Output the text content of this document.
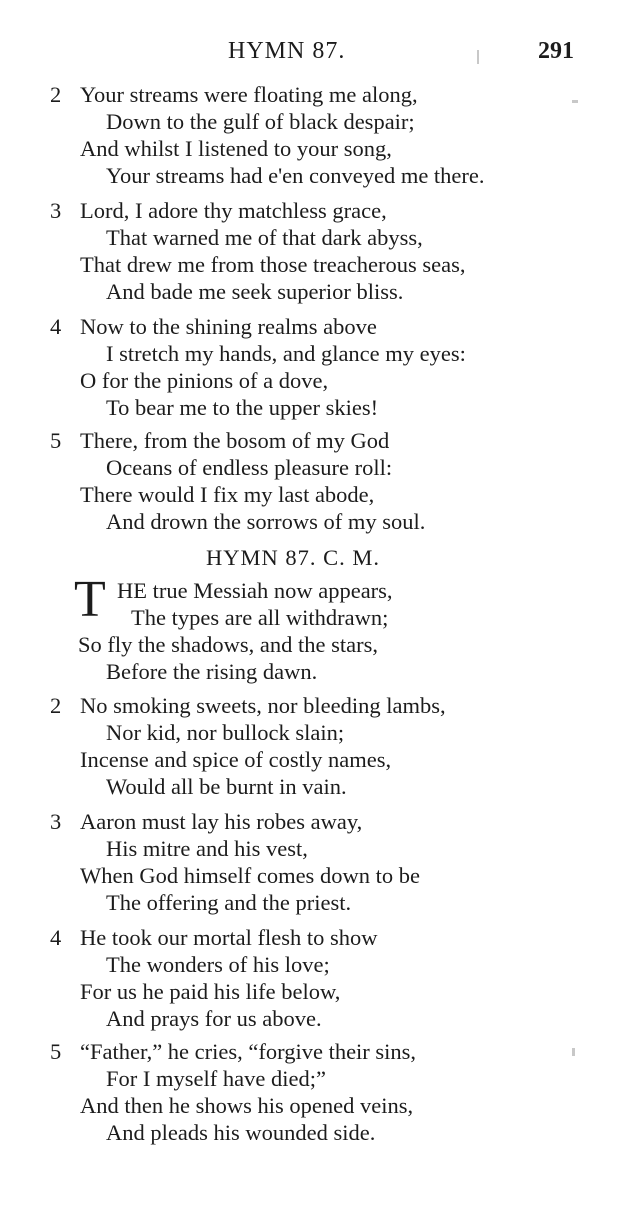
HYMN 87.	291
2 Your streams were floating me along,
Down to the gulf of black despair;
And whilst I listened to your song,
Your streams had e'en conveyed me there.
3 Lord, I adore thy matchless grace,
That warned me of that dark abyss,
That drew me from those treacherous seas,
And bade me seek superior bliss.
4 Now to the shining realms above
I stretch my hands, and glance my eyes:
O for the pinions of a dove,
To bear me to the upper skies!
5 There, from the bosom of my God
Oceans of endless pleasure roll:
There would I fix my last abode,
And drown the sorrows of my soul.
HYMN 87. C. M.
T HE true Messiah now appears,
The types are all withdrawn;
So fly the shadows, and the stars,
Before the rising dawn.
2 No smoking sweets, nor bleeding lambs,
Nor kid, nor bullock slain;
Incense and spice of costly names,
Would all be burnt in vain.
3 Aaron must lay his robes away,
His mitre and his vest,
When God himself comes down to be
The offering and the priest.
4 He took our mortal flesh to show
The wonders of his love;
For us he paid his life below,
And prays for us above.
5 “Father,” he cries, “forgive their sins,
For I myself have died;”
And then he shows his opened veins,
And pleads his wounded side.
